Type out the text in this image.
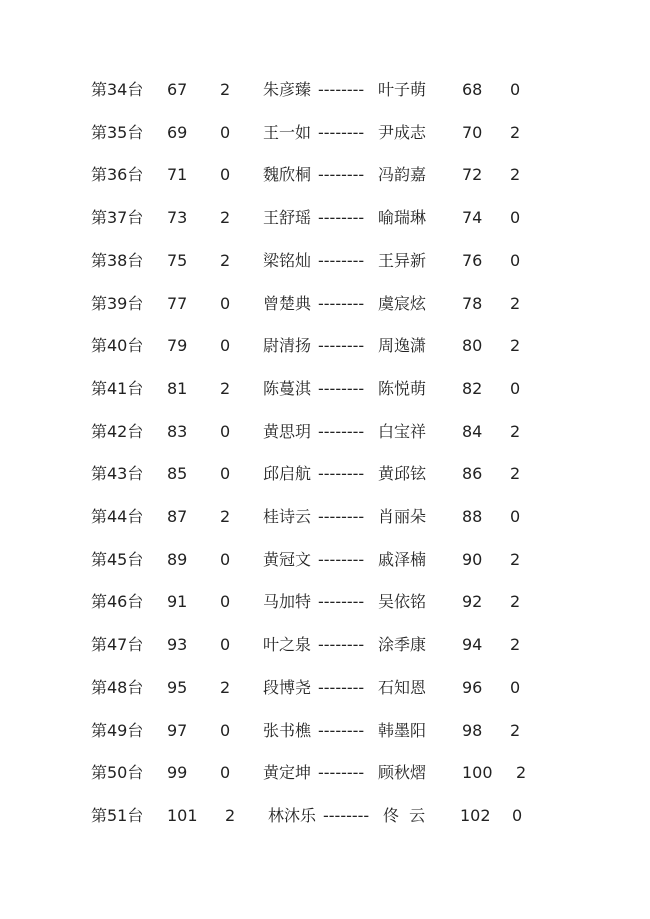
第34台 67 2 朱彦臻 -------- 叶子萌 68 0
第35台 69 0 王一如 -------- 尹成志 70 2
第36台 71 0 魏欣桐 -------- 冯韵嘉 72 2
第37台 73 2 王舒瑶 -------- 喻瑞琳 74 0
第38台 75 2 梁铭灿 -------- 王异新 76 0
第39台 77 0 曾楚典 -------- 虞宸炫 78 2
第40台 79 0 尉清扬 -------- 周逸潇 80 2
第41台 81 2 陈蔓淇 -------- 陈悦萌 82 0
第42台 83 0 黄思玥 -------- 白宝祥 84 2
第43台 85 0 邱启航 -------- 黄邱铉 86 2
第44台 87 2 桂诗云 -------- 肖丽朵 88 0
第45台 89 0 黄冠文 -------- 戚泽楠 90 2
第46台 91 0 马加特 -------- 吴依铭 92 2
第47台 93 0 叶之泉 -------- 涂季康 94 2
第48台 95 2 段博尧 -------- 石知恩 96 0
第49台 97 0 张书樵 -------- 韩墨阳 98 2
第50台 99 0 黄定坤 -------- 顾秋熠 100 2
第51台 101 2 林沐乐 -------- 佟  云 102 0
